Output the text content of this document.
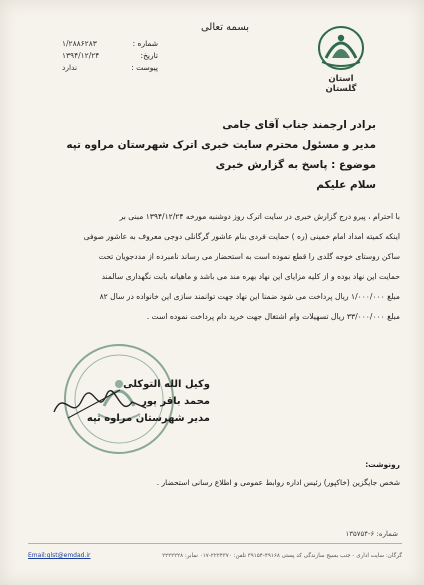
بسمه تعالی
شماره :
۱/۲۸۸۶۲۸۳
تاریخ:
۱۳۹۴/۱۲/۲۴
پیوست :
ندارد
استان گلستان
برادر ارجمند جناب آقای جامی
مدیر و مسئول محترم سایت خبری اترک شهرستان مراوه تپه
موضوع : پاسخ به گزارش خبری
سلام علیکم
با احترام ، پیرو درج گزارش خبری در سایت اترک روز دوشنبه مورخه ۱۳۹۴/۱۲/۲۴ مبنی بر
اینکه کمیته امداد امام خمینی (ره ) حمایت فردی بنام عاشور گرگانلی دوجی معروف به عاشور صوفی
ساکن روستای خوجه گلدی را قطع نموده است به استحضار می رساند نامبرده از مددجویان تحت
حمایت این نهاد بوده و از کلیه مزایای این نهاد بهره مند می باشد و ماهیانه بابت نگهداری سالمند
مبلغ ۱/۰۰۰/۰۰۰ ریال پرداخت می شود ضمنا این نهاد جهت توانمند سازی این خانواده در سال ۸۲
مبلغ ۳۳/۰۰۰/۰۰۰ ریال تسهیلات وام اشتغال جهت خرید دام پرداخت نموده است .
وکیل الله التوکلی
محمد باقر پور
مدیر شهرستان مراوه تپه
رونوشت:
شخص جایگزین (خاکپور) رئیس اداره روابط عمومی و اطلاع رسانی استحضار .
شماره: ۶-۱۳۵۷۵۴
Email:glst@emdad.ir	گرگان: سایت اداری - جنب بسیج سازندگی کد پستی ۴۹۱۶۸-۳۹۱۵۴ تلفن: ۲۲۲۴۳۷۰-۰۱۷ نمابر: ۲۲۲۲۲۲۸
